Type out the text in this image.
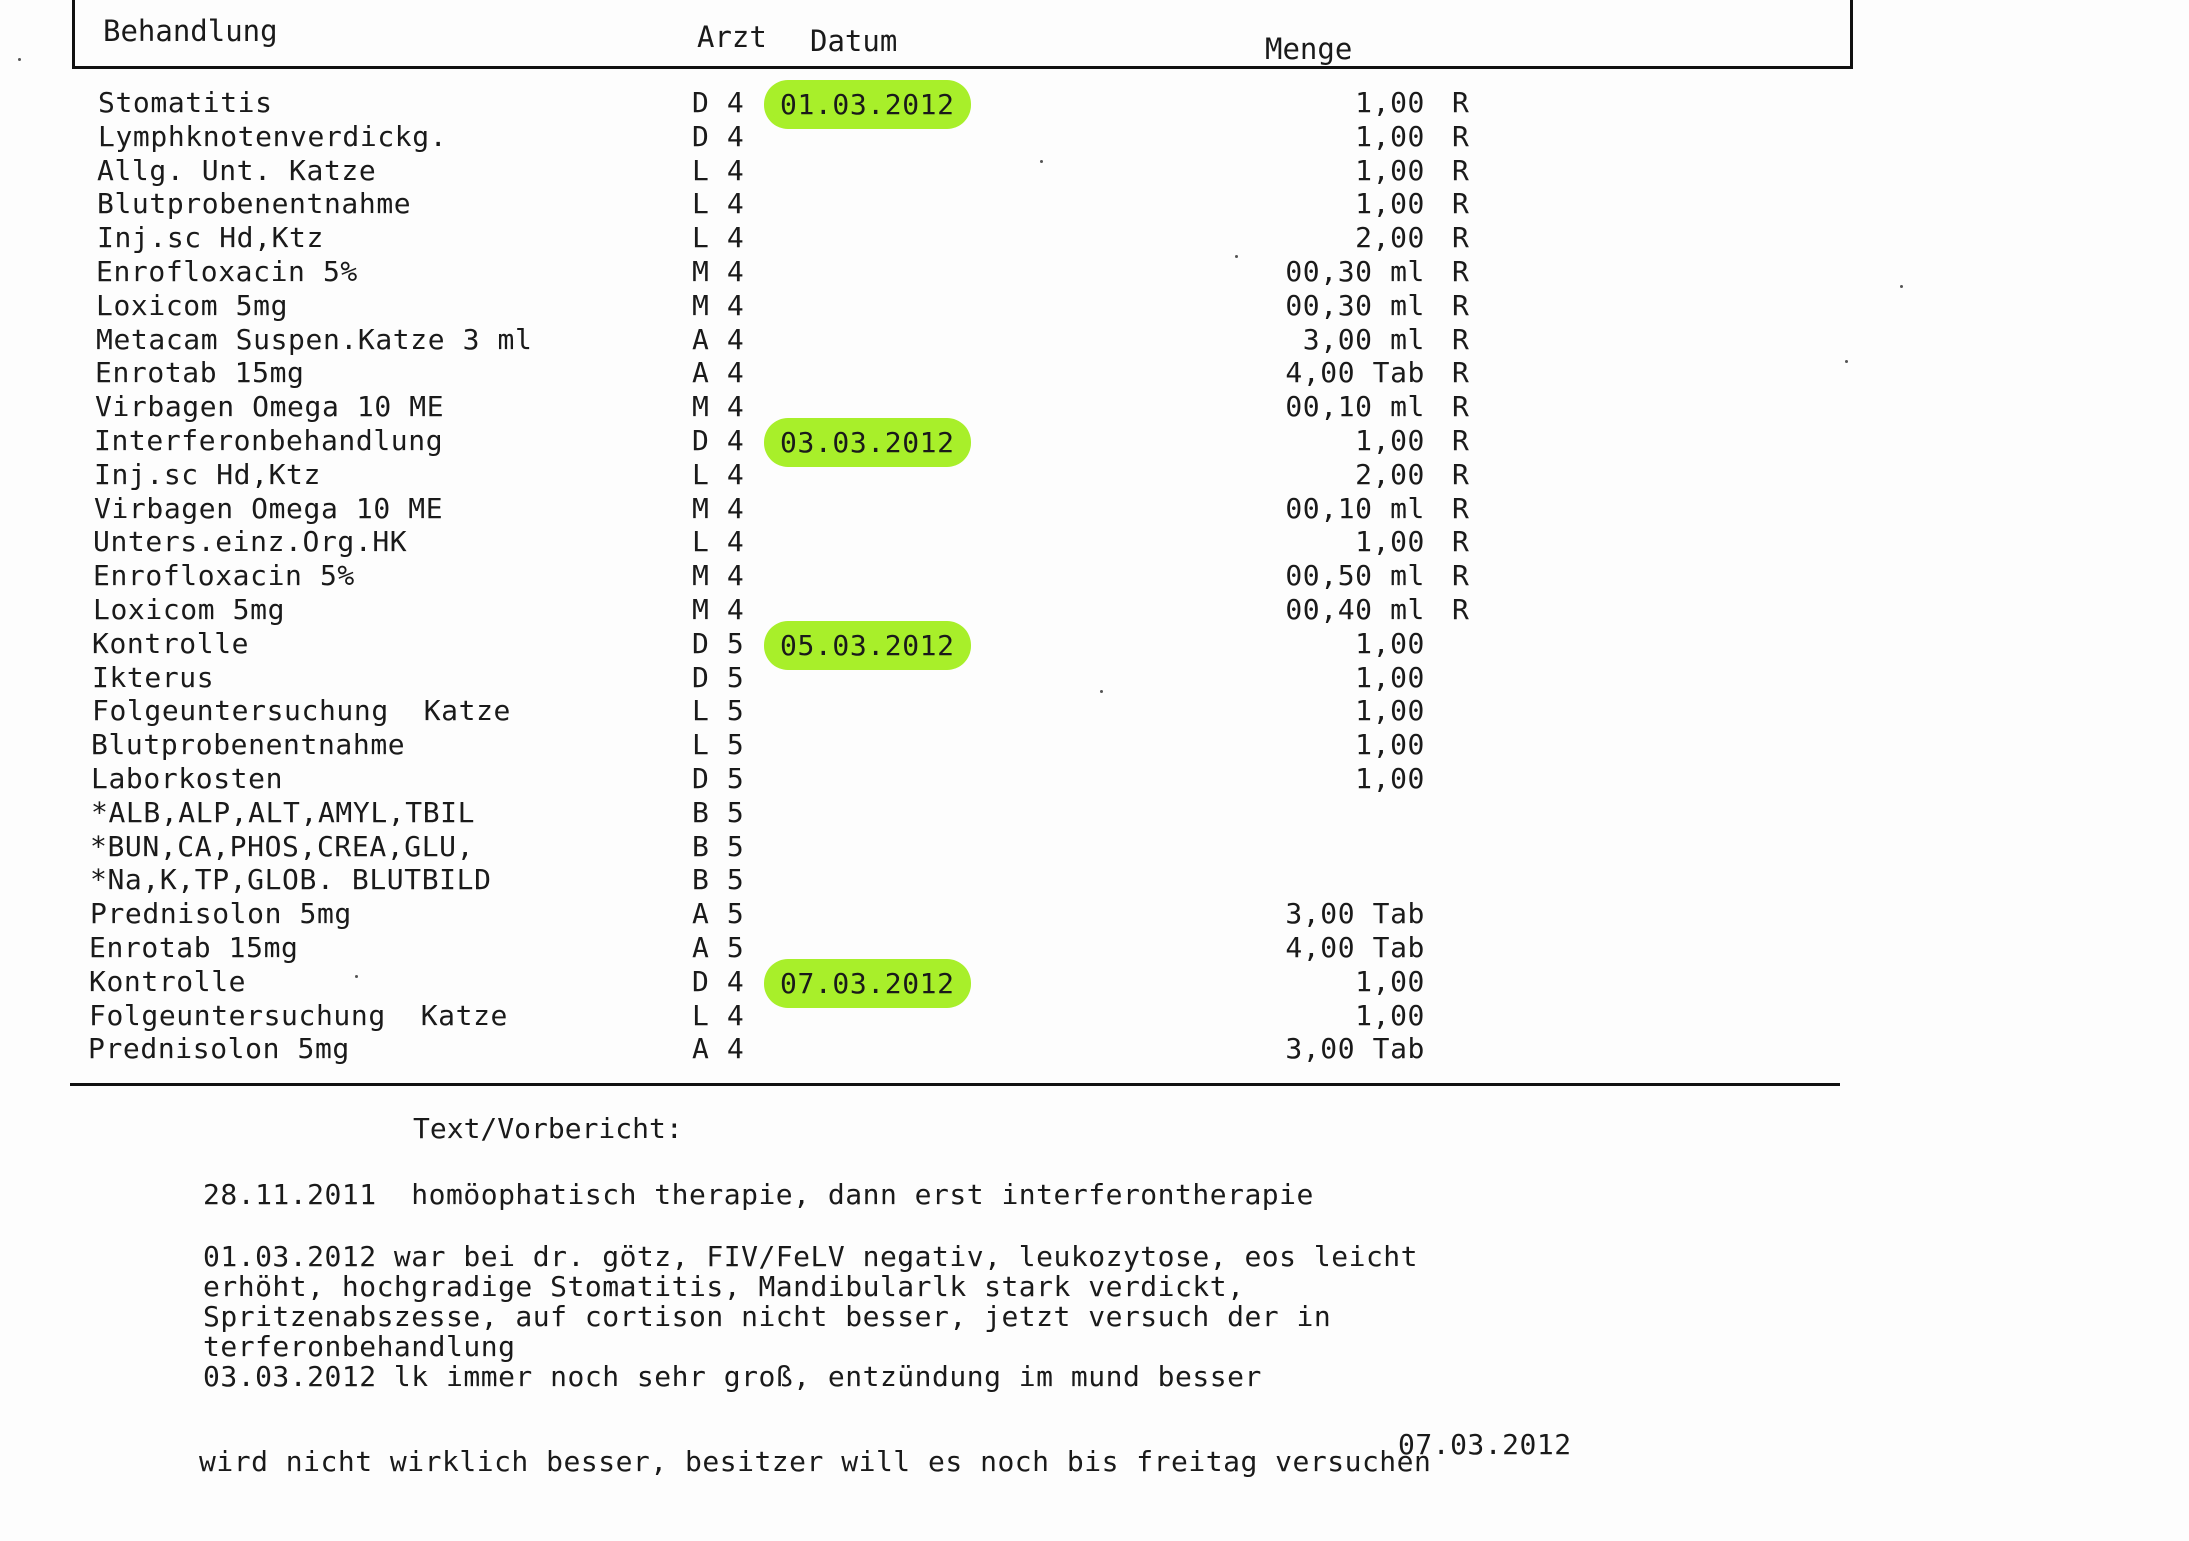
Behandlung	Arzt Datum	Menge
Stomatitis	D 4	01.03.2012	1,00 R
Lymphknotenverdickg.	D 4	1,00 R
Allg. Unt. Katze	L 4	1,00 R
Blutprobenentnahme	L 4	1,00 R
Inj.sc Hd,Ktz	L 4	2,00 R
Enrofloxacin 5%	M 4	00,30 ml R
Loxicom 5mg	M 4	00,30 ml R
Metacam Suspen.Katze 3 ml	A 4	3,00 ml R
Enrotab 15mg	A 4	4,00 Tab R
Virbagen Omega 10 ME	M 4	00,10 ml R
Interferonbehandlung	D 4	03.03.2012	1,00 R
Inj.sc Hd,Ktz	L 4	2,00 R
Virbagen Omega 10 ME	M 4	00,10 ml R
Unters.einz.Org.HK	L 4	1,00 R
Enrofloxacin 5%	M 4	00,50 ml R
Loxicom 5mg	M 4	00,40 ml R
Kontrolle	D 5	05.03.2012	1,00
Ikterus	D 5	1,00
Folgeuntersuchung  Katze	L 5	1,00
Blutprobenentnahme	L 5	1,00
Laborkosten	D 5	1,00
*ALB,ALP,ALT,AMYL,TBIL	B 5
*BUN,CA,PHOS,CREA,GLU,	B 5
*Na,K,TP,GLOB. BLUTBILD	B 5
Prednisolon 5mg	A 5	3,00 Tab
Enrotab 15mg	A 5	4,00 Tab
Kontrolle	D 4	07.03.2012	1,00
Folgeuntersuchung  Katze	L 4	1,00
Prednisolon 5mg	A 4	3,00 Tab
Text/Vorbericht:
28.11.2011  homöophatisch therapie, dann erst interferontherapie
01.03.2012 war bei dr. götz, FIV/FeLV negativ, leukozytose, eos leicht
erhöht, hochgradige Stomatitis, Mandibularlk stark verdickt,
Spritzenabszesse, auf cortison nicht besser, jetzt versuch der in
terferonbehandlung
03.03.2012 lk immer noch sehr groß, entzündung im mund besser
07.03.2012
wird nicht wirklich besser, besitzer will es noch bis freitag versuchen
